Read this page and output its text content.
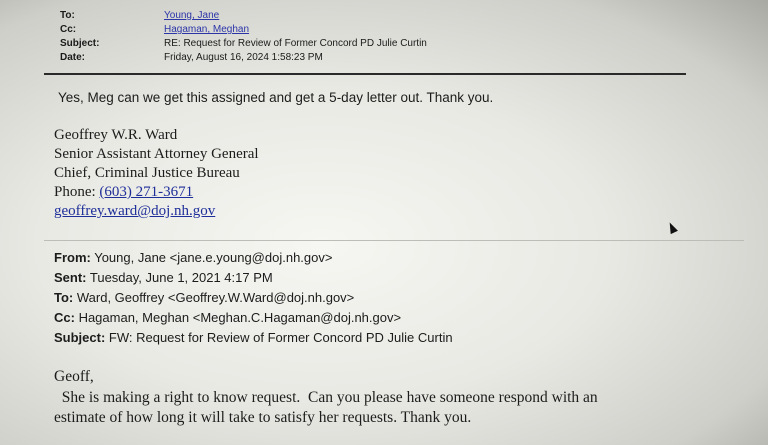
To:	Young, Jane
Cc:	Hagaman, Meghan
Subject:	RE: Request for Review of Former Concord PD Julie Curtin
Date:	Friday, August 16, 2024 1:58:23 PM
Yes, Meg can we get this assigned and get a 5-day letter out. Thank you.
Geoffrey W.R. Ward
Senior Assistant Attorney General
Chief, Criminal Justice Bureau
Phone: (603) 271-3671
geoffrey.ward@doj.nh.gov
From: Young, Jane <jane.e.young@doj.nh.gov>
Sent: Tuesday, June 1, 2021 4:17 PM
To: Ward, Geoffrey <Geoffrey.W.Ward@doj.nh.gov>
Cc: Hagaman, Meghan <Meghan.C.Hagaman@doj.nh.gov>
Subject: FW: Request for Review of Former Concord PD Julie Curtin
Geoff,
She is making a right to know request.  Can you please have someone respond with an
estimate of how long it will take to satisfy her requests. Thank you.
